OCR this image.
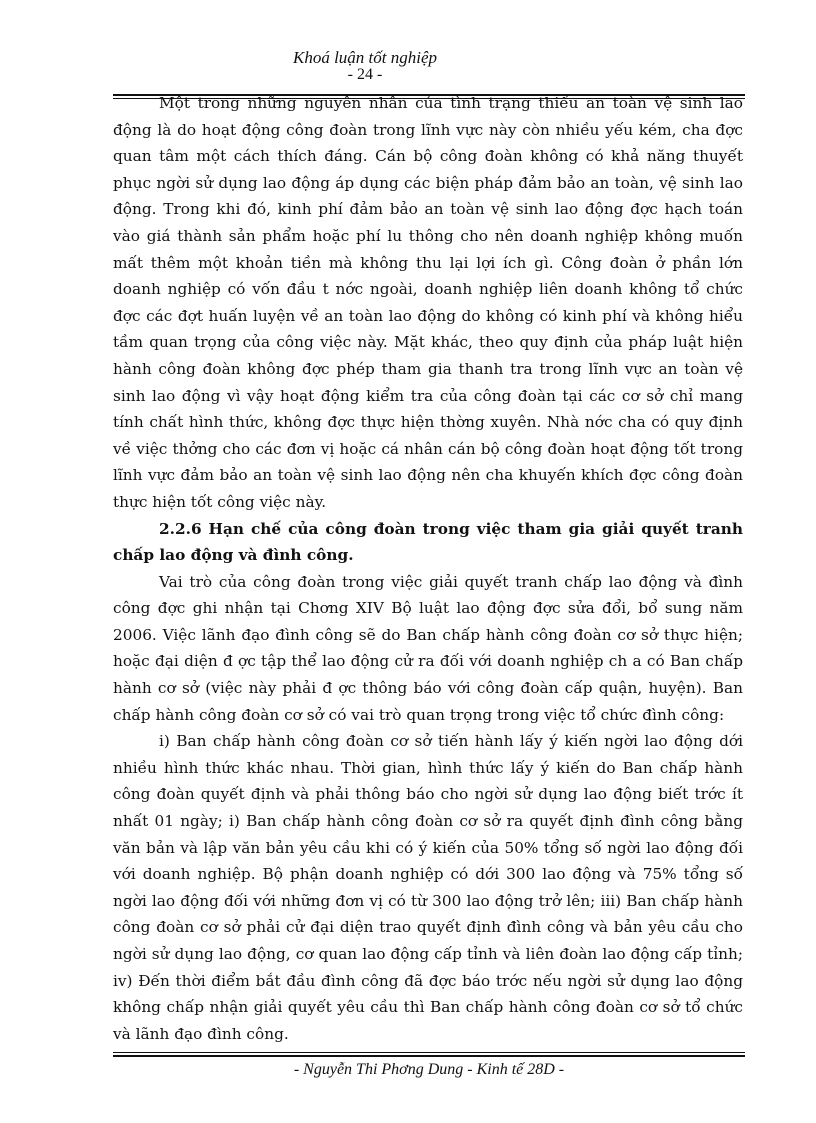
Khoá luận tốt nghiệp
- 24 -

Một trong những nguyên nhân của tình trạng thiếu an toàn vệ sinh lao động là do hoạt động công đoàn trong lĩnh vực này còn nhiều yếu kém, cha đợc quan tâm một cách thích đáng. Cán bộ công đoàn không có khả năng thuyết phục ngời sử dụng lao động áp dụng các biện pháp đảm bảo an toàn, vệ sinh lao động. Trong khi đó, kinh phí đảm bảo an toàn vệ sinh lao động đợc hạch toán vào giá thành sản phẩm hoặc phí lu thông cho nên doanh nghiệp không muốn mất thêm một khoản tiền mà không thu lại lợi ích gì. Công đoàn ở phần lớn doanh nghiệp có vốn đầu t nớc ngoài, doanh nghiệp liên doanh không tổ chức đợc các đợt huấn luyện về an toàn lao động do không có kinh phí và không hiểu tầm quan trọng của công việc này. Mặt khác, theo quy định của pháp luật hiện hành công đoàn không đợc phép tham gia thanh tra trong lĩnh vực an toàn vệ sinh lao động vì vậy hoạt động kiểm tra của công đoàn tại các cơ sở chỉ mang tính chất hình thức, không đợc thực hiện thờng xuyên. Nhà nớc cha có quy định về việc thởng cho các đơn vị hoặc cá nhân cán bộ công đoàn hoạt động tốt trong lĩnh vực đảm bảo an toàn vệ sinh lao động nên cha khuyến khích đợc công đoàn thực hiện tốt công việc này.

2.2.6 Hạn chế của công đoàn trong việc tham gia giải quyết tranh chấp lao động và đình công.

Vai trò của công đoàn trong việc giải quyết tranh chấp lao động và đình công đợc ghi nhận tại Chơng XIV Bộ luật lao động đợc sửa đổi, bổ sung năm 2006. Việc lãnh đạo đình công sẽ do Ban chấp hành công đoàn cơ sở thực hiện; hoặc đại diện đ ợc tập thể lao động cử ra đối với doanh nghiệp ch a có Ban chấp hành cơ sở (việc này phải đ ợc thông báo với công đoàn cấp quận, huyện). Ban chấp hành công đoàn cơ sở có vai trò quan trọng trong việc tổ chức đình công:

i) Ban chấp hành công đoàn cơ sở tiến hành lấy ý kiến ngời lao động dới nhiều hình thức khác nhau. Thời gian, hình thức lấy ý kiến do Ban chấp hành công đoàn quyết định và phải thông báo cho ngời sử dụng lao động biết trớc ít nhất 01 ngày; i) Ban chấp hành công đoàn cơ sở ra quyết định đình công bằng văn bản và lập văn bản yêu cầu khi có ý kiến của 50% tổng số ngời lao động đối với doanh nghiệp. Bộ phận doanh nghiệp có dới 300 lao động và 75% tổng số ngời lao động đối với những đơn vị có từ 300 lao động trở lên; iii) Ban chấp hành công đoàn cơ sở phải cử đại diện trao quyết định đình công và bản yêu cầu cho ngời sử dụng lao động, cơ quan lao động cấp tỉnh và liên đoàn lao động cấp tỉnh; iv) Đến thời điểm bắt đầu đình công đã đợc báo trớc nếu ngời sử dụng lao động không chấp nhận giải quyết yêu cầu thì Ban chấp hành công đoàn cơ sở tổ chức và lãnh đạo đình công.

- Nguyễn Thi Phơng Dung - Kinh tế 28D -
